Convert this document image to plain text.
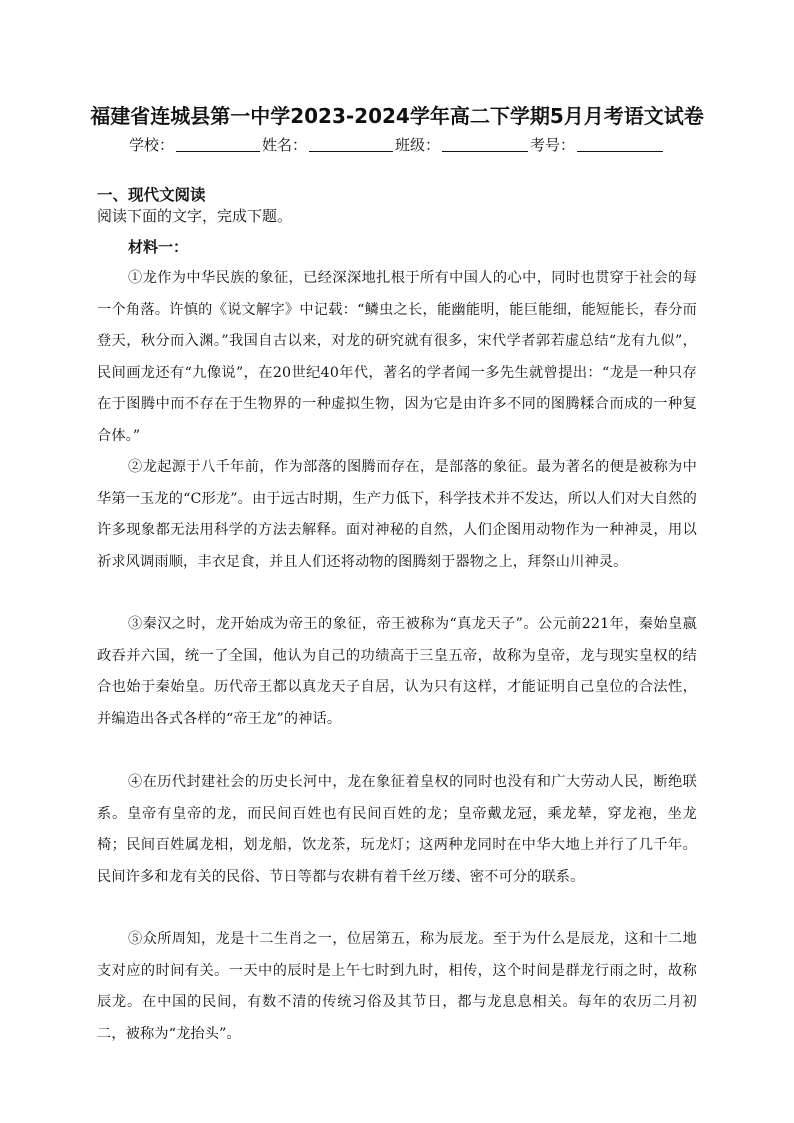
福建省连城县第一中学2023-2024学年高二下学期5月月考语文试卷
学校：	姓名：	班级：	考号：
一、现代文阅读
阅读下面的文字，完成下题。
材料一：

①龙作为中华民族的象征，已经深深地扎根于所有中国人的心中，同时也贯穿于社会的每一个角落。许慎的《说文解字》中记载：“鳞虫之长，能幽能明，能巨能细，能短能长，春分而登天，秋分而入渊。”我国自古以来，对龙的研究就有很多，宋代学者郭若虚总结“龙有九似”，民间画龙还有“九像说”，在20世纪40年代，著名的学者闻一多先生就曾提出：“龙是一种只存在于图腾中而不存在于生物界的一种虚拟生物，因为它是由许多不同的图腾糅合而成的一种复合体。”

②龙起源于八千年前，作为部落的图腾而存在，是部落的象征。最为著名的便是被称为中华第一玉龙的“C形龙”。由于远古时期，生产力低下，科学技术并不发达，所以人们对大自然的许多现象都无法用科学的方法去解释。面对神秘的自然，人们企图用动物作为一种神灵，用以祈求风调雨顺，丰衣足食，并且人们还将动物的图腾刻于器物之上，拜祭山川神灵。

③秦汉之时，龙开始成为帝王的象征，帝王被称为“真龙天子”。公元前221年，秦始皇嬴政吞并六国，统一了全国，他认为自己的功绩高于三皇五帝，故称为皇帝，龙与现实皇权的结合也始于秦始皇。历代帝王都以真龙天子自居，认为只有这样，才能证明自己皇位的合法性，并编造出各式各样的“帝王龙”的神话。

④在历代封建社会的历史长河中，龙在象征着皇权的同时也没有和广大劳动人民，断绝联系。皇帝有皇帝的龙，而民间百姓也有民间百姓的龙；皇帝戴龙冠，乘龙辇，穿龙袍，坐龙椅；民间百姓属龙相，划龙船，饮龙茶，玩龙灯；这两种龙同时在中华大地上并行了几千年。民间许多和龙有关的民俗、节日等都与农耕有着千丝万缕、密不可分的联系。

⑤众所周知，龙是十二生肖之一，位居第五，称为辰龙。至于为什么是辰龙，这和十二地支对应的时间有关。一天中的辰时是上午七时到九时，相传，这个时间是群龙行雨之时，故称辰龙。在中国的民间，有数不清的传统习俗及其节日，都与龙息息相关。每年的农历二月初二，被称为“龙抬头”。
